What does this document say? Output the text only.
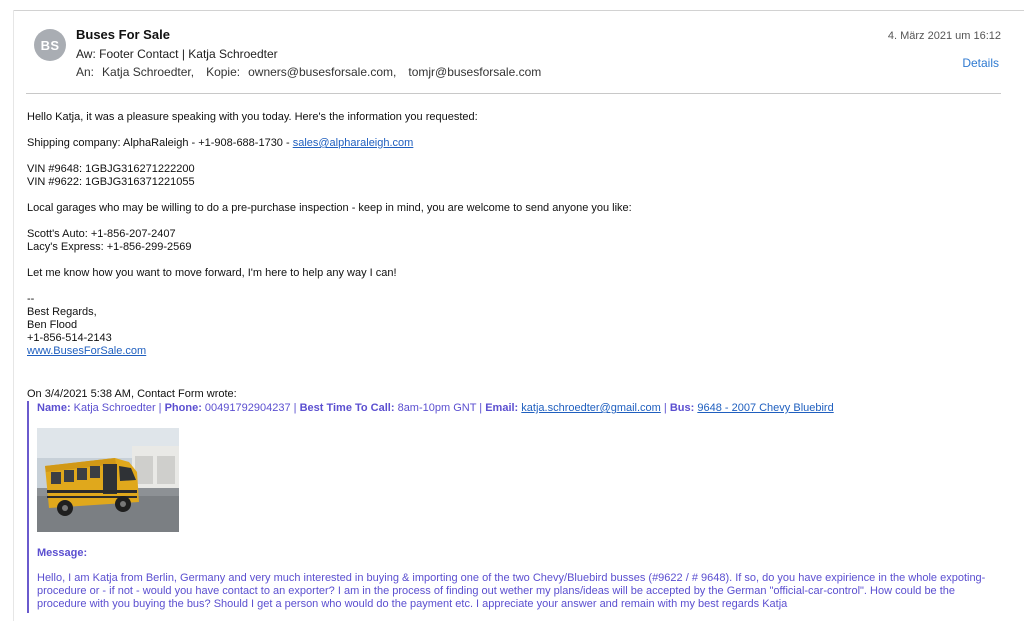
BS
Buses For Sale
Aw: Footer Contact | Katja Schroedter
An: Katja Schroedter, Kopie: owners@busesforsale.com, tomjr@busesforsale.com
4. März 2021 um 16:12
Details

Hello Katja, it was a pleasure speaking with you today. Here's the information you requested:

Shipping company: AlphaRaleigh - +1-908-688-1730 - sales@alpharaleigh.com

VIN #9648: 1GBJG316271222200

VIN #9622: 1GBJG316371221055

Local garages who may be willing to do a pre-purchase inspection - keep in mind, you are welcome to send anyone you like:

Scott's Auto: +1-856-207-2407

Lacy's Express: +1-856-299-2569

Let me know how you want to move forward, I'm here to help any way I can!

--

Best Regards,

Ben Flood

+1-856-514-2143

www.BusesForSale.com

On 3/4/2021 5:38 AM, Contact Form wrote:
Name: Katja Schroedter | Phone: 00491792904237 | Best Time To Call: 8am-10pm GNT | Email: katja.schroedter@gmail.com | Bus: 9648 - 2007 Chevy Bluebird
Message:
Hello, I am Katja from Berlin, Germany and very much interested in buying & importing one of the two Chevy/Bluebird busses (#9622 / # 9648). If so, do you have expirience in the whole expoting-procedure or - if not - would you have contact to an exporter? I am in the process of finding out wether my plans/ideas will be accepted by the German "official-car-control". How could be the procedure with you buying the bus? Should I get a person who would do the payment etc. I appreciate your answer and remain with my best regards Katja
